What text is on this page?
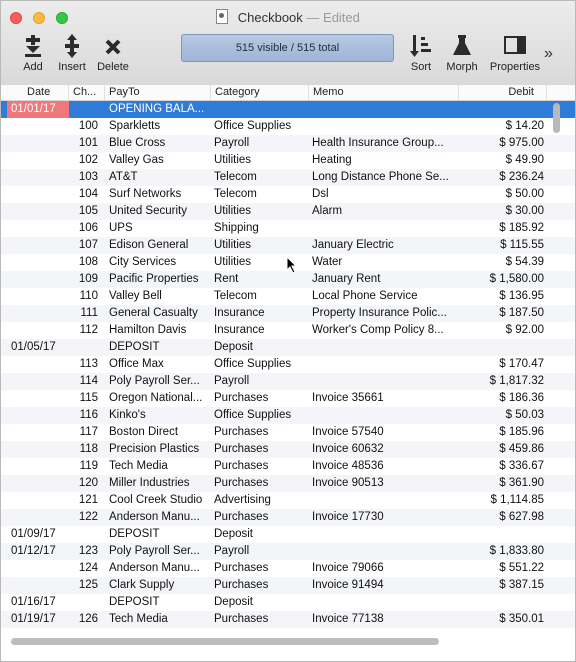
Checkbook — Edited
Add	Insert Delete
515 visible / 515 total
Sort	Morph	Properties
»
Date	Ch...	PayTo	Category	Memo	Debit
01/01/17	OPENING BALA...
100 Sparkletts	Office Supplies	$ 14.20
101 Blue Cross	Payroll	Health Insurance Group...	$ 975.00
102 Valley Gas	Utilities	Heating	$ 49.90
103 AT&T	Telecom	Long Distance Phone Se...	$ 236.24
104 Surf Networks	Telecom	Dsl	$ 50.00
105 United Security	Utilities	Alarm	$ 30.00
106 UPS	Shipping	$ 185.92
107 Edison General	Utilities	January Electric	$ 115.55
108 City Services	Utilities	Water	$ 54.39
109 Pacific Properties	Rent	January Rent	$ 1,580.00
110 Valley Bell	Telecom	Local Phone Service	$ 136.95
111 General Casualty	Insurance	Property Insurance Polic...	$ 187.50
112 Hamilton Davis	Insurance	Worker's Comp Policy 8...	$ 92.00
01/05/17	DEPOSIT	Deposit
113 Office Max	Office Supplies	$ 170.47
114 Poly Payroll Ser...	Payroll	$ 1,817.32
115 Oregon National...	Purchases	Invoice 35661	$ 186.36
116 Kinko's	Office Supplies	$ 50.03
117 Boston Direct	Purchases	Invoice 57540	$ 185.96
118 Precision Plastics	Purchases	Invoice 60632	$ 459.86
119 Tech Media	Purchases	Invoice 48536	$ 336.67
120 Miller Industries	Purchases	Invoice 90513	$ 361.90
121 Cool Creek Studio	Advertising	$ 1,114.85
122 Anderson Manu...	Purchases	Invoice 17730	$ 627.98
01/09/17	DEPOSIT	Deposit
01/12/17	123 Poly Payroll Ser...	Payroll	$ 1,833.80
124 Anderson Manu...	Purchases	Invoice 79066	$ 551.22
125 Clark Supply	Purchases	Invoice 91494	$ 387.15
01/16/17	DEPOSIT	Deposit
01/19/17	126 Tech Media	Purchases	Invoice 77138	$ 350.01
